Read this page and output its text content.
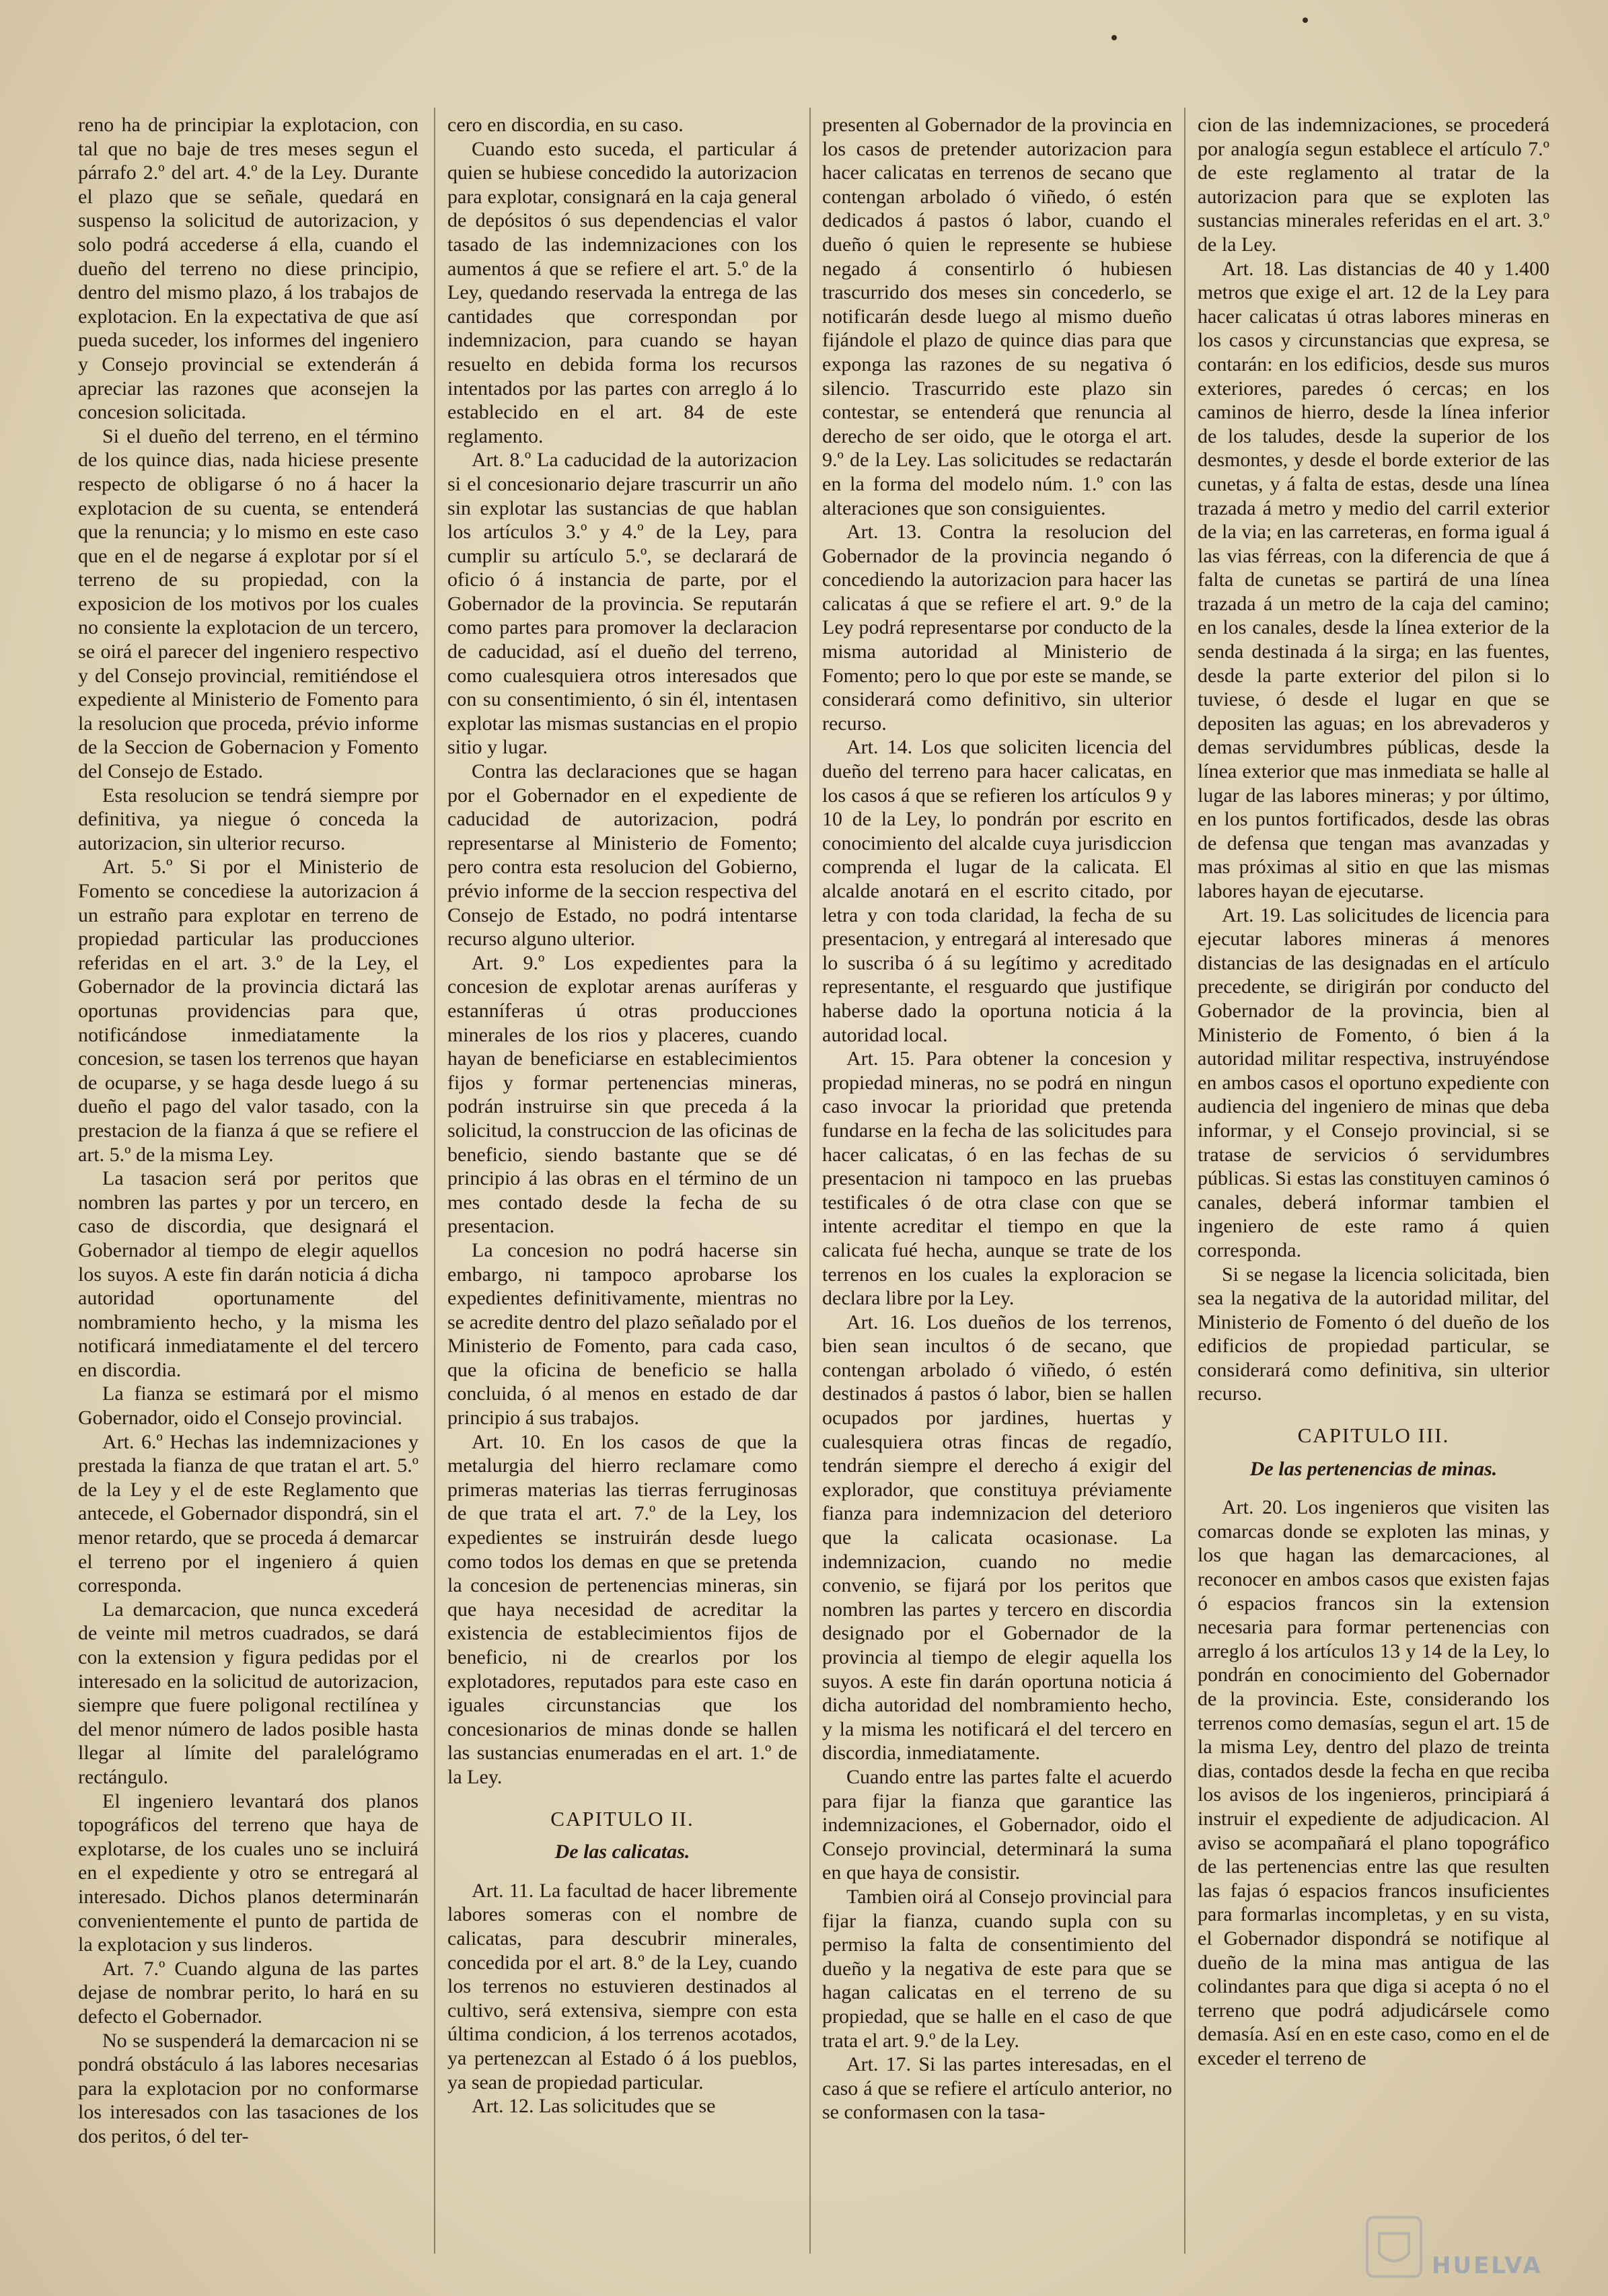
reno ha de principiar la explotacion, con tal que no baje de tres meses segun el párrafo 2.º del art. 4.º de la Ley. Durante el plazo que se señale, quedará en suspenso la solicitud de autorizacion, y solo podrá accederse á ella, cuando el dueño del terreno no diese principio, dentro del mismo plazo, á los trabajos de explotacion. En la expectativa de que así pueda suceder, los informes del ingeniero y Consejo provincial se extenderán á apreciar las razones que aconsejen la concesion solicitada.

Si el dueño del terreno, en el término de los quince dias, nada hiciese presente respecto de obligarse ó no á hacer la explotacion de su cuenta, se entenderá que la renuncia; y lo mismo en este caso que en el de negarse á explotar por sí el terreno de su propiedad, con la exposicion de los motivos por los cuales no consiente la explotacion de un tercero, se oirá el parecer del ingeniero respectivo y del Consejo provincial, remitiéndose el expediente al Ministerio de Fomento para la resolucion que proceda, prévio informe de la Seccion de Gobernacion y Fomento del Consejo de Estado.

Esta resolucion se tendrá siempre por definitiva, ya niegue ó conceda la autorizacion, sin ulterior recurso.

Art. 5.º Si por el Ministerio de Fomento se concediese la autorizacion á un estraño para explotar en terreno de propiedad particular las producciones referidas en el art. 3.º de la Ley, el Gobernador de la provincia dictará las oportunas providencias para que, notificándose inmediatamente la concesion, se tasen los terrenos que hayan de ocuparse, y se haga desde luego á su dueño el pago del valor tasado, con la prestacion de la fianza á que se refiere el art. 5.º de la misma Ley.

La tasacion será por peritos que nombren las partes y por un tercero, en caso de discordia, que designará el Gobernador al tiempo de elegir aquellos los suyos. A este fin darán noticia á dicha autoridad oportunamente del nombramiento hecho, y la misma les notificará inmediatamente el del tercero en discordia.

La fianza se estimará por el mismo Gobernador, oido el Consejo provincial.

Art. 6.º Hechas las indemnizaciones y prestada la fianza de que tratan el art. 5.º de la Ley y el de este Reglamento que antecede, el Gobernador dispondrá, sin el menor retardo, que se proceda á demarcar el terreno por el ingeniero á quien corresponda.

La demarcacion, que nunca excederá de veinte mil metros cuadrados, se dará con la extension y figura pedidas por el interesado en la solicitud de autorizacion, siempre que fuere poligonal rectilínea y del menor número de lados posible hasta llegar al límite del paralelógramo rectángulo.

El ingeniero levantará dos planos topográficos del terreno que haya de explotarse, de los cuales uno se incluirá en el expediente y otro se entregará al interesado. Dichos planos determinarán convenientemente el punto de partida de la explotacion y sus linderos.

Art. 7.º Cuando alguna de las partes dejase de nombrar perito, lo hará en su defecto el Gobernador.

No se suspenderá la demarcacion ni se pondrá obstáculo á las labores necesarias para la explotacion por no conformarse los interesados con las tasaciones de los dos peritos, ó del ter-

cero en discordia, en su caso.

Cuando esto suceda, el particular á quien se hubiese concedido la autorizacion para explotar, consignará en la caja general de depósitos ó sus dependencias el valor tasado de las indemnizaciones con los aumentos á que se refiere el art. 5.º de la Ley, quedando reservada la entrega de las cantidades que correspondan por indemnizacion, para cuando se hayan resuelto en debida forma los recursos intentados por las partes con arreglo á lo establecido en el art. 84 de este reglamento.

Art. 8.º La caducidad de la autorizacion si el concesionario dejare trascurrir un año sin explotar las sustancias de que hablan los artículos 3.º y 4.º de la Ley, para cumplir su artículo 5.º, se declarará de oficio ó á instancia de parte, por el Gobernador de la provincia. Se reputarán como partes para promover la declaracion de caducidad, así el dueño del terreno, como cualesquiera otros interesados que con su consentimiento, ó sin él, intentasen explotar las mismas sustancias en el propio sitio y lugar.

Contra las declaraciones que se hagan por el Gobernador en el expediente de caducidad de autorizacion, podrá representarse al Ministerio de Fomento; pero contra esta resolucion del Gobierno, prévio informe de la seccion respectiva del Consejo de Estado, no podrá intentarse recurso alguno ulterior.

Art. 9.º Los expedientes para la concesion de explotar arenas auríferas y estanníferas ú otras producciones minerales de los rios y placeres, cuando hayan de beneficiarse en establecimientos fijos y formar pertenencias mineras, podrán instruirse sin que preceda á la solicitud, la construccion de las oficinas de beneficio, siendo bastante que se dé principio á las obras en el término de un mes contado desde la fecha de su presentacion.

La concesion no podrá hacerse sin embargo, ni tampoco aprobarse los expedientes definitivamente, mientras no se acredite dentro del plazo señalado por el Ministerio de Fomento, para cada caso, que la oficina de beneficio se halla concluida, ó al menos en estado de dar principio á sus trabajos.

Art. 10. En los casos de que la metalurgia del hierro reclamare como primeras materias las tierras ferruginosas de que trata el art. 7.º de la Ley, los expedientes se instruirán desde luego como todos los demas en que se pretenda la concesion de pertenencias mineras, sin que haya necesidad de acreditar la existencia de establecimientos fijos de beneficio, ni de crearlos por los explotadores, reputados para este caso en iguales circunstancias que los concesionarios de minas donde se hallen las sustancias enumeradas en el art. 1.º de la Ley.

CAPITULO II.
De las calicatas.

Art. 11. La facultad de hacer libremente labores someras con el nombre de calicatas, para descubrir minerales, concedida por el art. 8.º de la Ley, cuando los terrenos no estuvieren destinados al cultivo, será extensiva, siempre con esta última condicion, á los terrenos acotados, ya pertenezcan al Estado ó á los pueblos, ya sean de propiedad particular.

Art. 12. Las solicitudes que se

presenten al Gobernador de la provincia en los casos de pretender autorizacion para hacer calicatas en terrenos de secano que contengan arbolado ó viñedo, ó estén dedicados á pastos ó labor, cuando el dueño ó quien le represente se hubiese negado á consentirlo ó hubiesen trascurrido dos meses sin concederlo, se notificarán desde luego al mismo dueño fijándole el plazo de quince dias para que exponga las razones de su negativa ó silencio. Trascurrido este plazo sin contestar, se entenderá que renuncia al derecho de ser oido, que le otorga el art. 9.º de la Ley. Las solicitudes se redactarán en la forma del modelo núm. 1.º con las alteraciones que son consiguientes.

Art. 13. Contra la resolucion del Gobernador de la provincia negando ó concediendo la autorizacion para hacer las calicatas á que se refiere el art. 9.º de la Ley podrá representarse por conducto de la misma autoridad al Ministerio de Fomento; pero lo que por este se mande, se considerará como definitivo, sin ulterior recurso.

Art. 14. Los que soliciten licencia del dueño del terreno para hacer calicatas, en los casos á que se refieren los artículos 9 y 10 de la Ley, lo pondrán por escrito en conocimiento del alcalde cuya jurisdiccion comprenda el lugar de la calicata. El alcalde anotará en el escrito citado, por letra y con toda claridad, la fecha de su presentacion, y entregará al interesado que lo suscriba ó á su legítimo y acreditado representante, el resguardo que justifique haberse dado la oportuna noticia á la autoridad local.

Art. 15. Para obtener la concesion y propiedad mineras, no se podrá en ningun caso invocar la prioridad que pretenda fundarse en la fecha de las solicitudes para hacer calicatas, ó en las fechas de su presentacion ni tampoco en las pruebas testificales ó de otra clase con que se intente acreditar el tiempo en que la calicata fué hecha, aunque se trate de los terrenos en los cuales la exploracion se declara libre por la Ley.

Art. 16. Los dueños de los terrenos, bien sean incultos ó de secano, que contengan arbolado ó viñedo, ó estén destinados á pastos ó labor, bien se hallen ocupados por jardines, huertas y cualesquiera otras fincas de regadío, tendrán siempre el derecho á exigir del explorador, que constituya préviamente fianza para indemnizacion del deterioro que la calicata ocasionase. La indemnizacion, cuando no medie convenio, se fijará por los peritos que nombren las partes y tercero en discordia designado por el Gobernador de la provincia al tiempo de elegir aquella los suyos. A este fin darán oportuna noticia á dicha autoridad del nombramiento hecho, y la misma les notificará el del tercero en discordia, inmediatamente.

Cuando entre las partes falte el acuerdo para fijar la fianza que garantice las indemnizaciones, el Gobernador, oido el Consejo provincial, determinará la suma en que haya de consistir.

Tambien oirá al Consejo provincial para fijar la fianza, cuando supla con su permiso la falta de consentimiento del dueño y la negativa de este para que se hagan calicatas en el terreno de su propiedad, que se halle en el caso de que trata el art. 9.º de la Ley.

Art. 17. Si las partes interesadas, en el caso á que se refiere el artículo anterior, no se conformasen con la tasa-

cion de las indemnizaciones, se procederá por analogía segun establece el artículo 7.º de este reglamento al tratar de la autorizacion para que se exploten las sustancias minerales referidas en el art. 3.º de la Ley.

Art. 18. Las distancias de 40 y 1.400 metros que exige el art. 12 de la Ley para hacer calicatas ú otras labores mineras en los casos y circunstancias que expresa, se contarán: en los edificios, desde sus muros exteriores, paredes ó cercas; en los caminos de hierro, desde la línea inferior de los taludes, desde la superior de los desmontes, y desde el borde exterior de las cunetas, y á falta de estas, desde una línea trazada á metro y medio del carril exterior de la via; en las carreteras, en forma igual á las vias férreas, con la diferencia de que á falta de cunetas se partirá de una línea trazada á un metro de la caja del camino; en los canales, desde la línea exterior de la senda destinada á la sirga; en las fuentes, desde la parte exterior del pilon si lo tuviese, ó desde el lugar en que se depositen las aguas; en los abrevaderos y demas servidumbres públicas, desde la línea exterior que mas inmediata se halle al lugar de las labores mineras; y por último, en los puntos fortificados, desde las obras de defensa que tengan mas avanzadas y mas próximas al sitio en que las mismas labores hayan de ejecutarse.

Art. 19. Las solicitudes de licencia para ejecutar labores mineras á menores distancias de las designadas en el artículo precedente, se dirigirán por conducto del Gobernador de la provincia, bien al Ministerio de Fomento, ó bien á la autoridad militar respectiva, instruyéndose en ambos casos el oportuno expediente con audiencia del ingeniero de minas que deba informar, y el Consejo provincial, si se tratase de servicios ó servidumbres públicas. Si estas las constituyen caminos ó canales, deberá informar tambien el ingeniero de este ramo á quien corresponda.

Si se negase la licencia solicitada, bien sea la negativa de la autoridad militar, del Ministerio de Fomento ó del dueño de los edificios de propiedad particular, se considerará como definitiva, sin ulterior recurso.

CAPITULO III.
De las pertenencias de minas.

Art. 20. Los ingenieros que visiten las comarcas donde se exploten las minas, y los que hagan las demarcaciones, al reconocer en ambos casos que existen fajas ó espacios francos sin la extension necesaria para formar pertenencias con arreglo á los artículos 13 y 14 de la Ley, lo pondrán en conocimiento del Gobernador de la provincia. Este, considerando los terrenos como demasías, segun el art. 15 de la misma Ley, dentro del plazo de treinta dias, contados desde la fecha en que reciba los avisos de los ingenieros, principiará á instruir el expediente de adjudicacion. Al aviso se acompañará el plano topográfico de las pertenencias entre las que resulten las fajas ó espacios francos insuficientes para formarlas incompletas, y en su vista, el Gobernador dispondrá se notifique al dueño de la mina mas antigua de las colindantes para que diga si acepta ó no el terreno que podrá adjudicársele como demasía. Así en en este caso, como en el de exceder el terreno de

HUELVA
